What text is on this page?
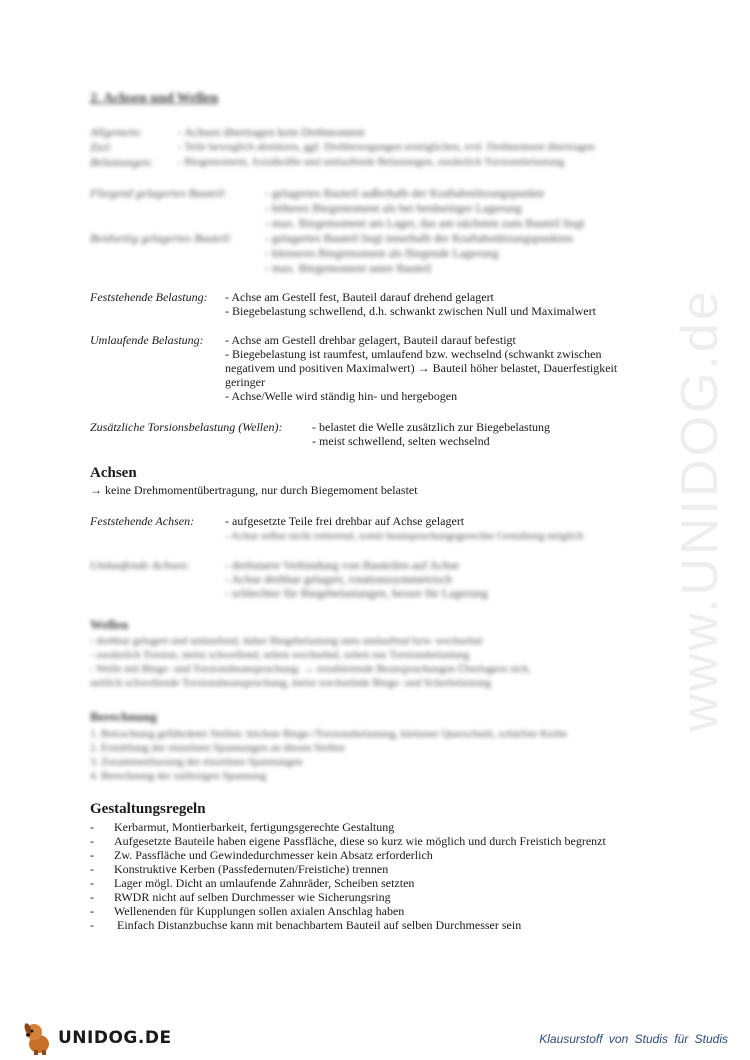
www.UNIDOG.de
2. Achsen und Wellen
Allgemein:	- Achsen übertragen kein Drehmoment
Ziel:	- Teile beweglich abstützen, ggf. Drehbewegungen ermöglichen, evtl. Drehmoment übertragen
Belastungen: - Biegemoment, Axialkräfte und umlaufende Belastungen, zusätzlich Torsionsbelastung
Fliegend gelagertes Bauteil:	- gelagertes Bauteil außerhalb der Kraftabstützungspunkte
- höheres Biegemoment als bei beidseitiger Lagerung
- max. Biegemoment am Lager, das am nächsten zum Bauteil liegt
Beidseitig gelagertes Bauteil:	- gelagertes Bauteil liegt innerhalb der Kraftabstützungspunkten
- kleineres Biegemoment als fliegende Lagerung
- max. Biegemoment unter Bauteil
Feststehende Belastung: - Achse am Gestell fest, Bauteil darauf drehend gelagert
- Biegebelastung schwellend, d.h. schwankt zwischen Null und Maximalwert
Umlaufende Belastung: - Achse am Gestell drehbar gelagert, Bauteil darauf befestigt
- Biegebelastung ist raumfest, umlaufend bzw. wechselnd (schwankt zwischen
negativem und positiven Maximalwert) → Bauteil höher belastet, Dauerfestigkeit
geringer
- Achse/Welle wird ständig hin- und hergebogen
Zusätzliche Torsionsbelastung (Wellen): - belastet die Welle zusätzlich zur Biegebelastung
- meist schwellend, selten wechselnd
Achsen
→ keine Drehmomentübertragung, nur durch Biegemoment belastet
Feststehende Achsen:	- aufgesetzte Teile frei drehbar auf Achse gelagert
- Achse selbst nicht rotierend, somit beanspruchungsgerechte Gestaltung möglich
Umlaufende Achsen:	- drehstarre Verbindung von Bauteilen auf Achse
- Achse drehbar gelagert, rotationssymmetrisch
- schlechter für Biegebelastungen, besser für Lagerung
Wellen
- drehbar gelagert und umlaufend, daher Biegebelastung stets umlaufend bzw. wechselnd
- zusätzlich Torsion, meist schwellend, selten wechselnd, selten nur Torsionsbelastung
- Welle mit Biege- und Torsionsbeanspruchung: → resultierende Beanspruchungen Überlagern sich,
zeitlich schwellende Torsionsbeanspruchung, meist wechselnde Biege- und Scherbelastung
Berechnung
1. Betrachtung gefährdeter Stellen: höchste Biege-/Torsionsbelastung, kleinster Querschnitt, schärfste Kerbe
2. Ermittlung der einzelnen Spannungen an diesen Stellen
3. Zusammenfassung der einzelnen Spannungen
4. Berechnung der zulässigen Spannung
Gestaltungsregeln
- Kerbarmut, Montierbarkeit, fertigungsgerechte Gestaltung
- Aufgesetzte Bauteile haben eigene Passfläche, diese so kurz wie möglich und durch Freistich begrenzt
- Zw. Passfläche und Gewindedurchmesser kein Absatz erforderlich
- Konstruktive Kerben (Passfedernuten/Freistiche) trennen
- Lager mögl. Dicht an umlaufende Zahnräder, Scheiben setzten
- RWDR nicht auf selben Durchmesser wie Sicherungsring
- Wellenenden für Kupplungen sollen axialen Anschlag haben
- Einfach Distanzbuchse kann mit benachbartem Bauteil auf selben Durchmesser sein
UNIDOG.DE	Klausurstoff von Studis für Studis
